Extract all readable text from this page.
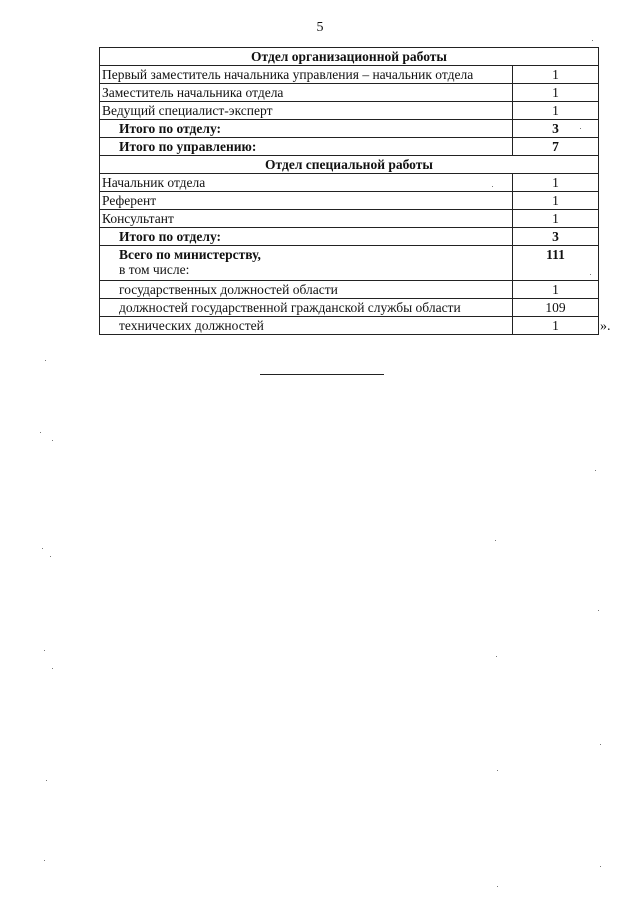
5
Отдел организационной работы	
Первый заместитель начальника управления – начальник отдела	1
Заместитель начальника отдела	1
Ведущий специалист-эксперт	1
Итого по отделу:	3
Итого по управлению:	7
Отдел специальной работы	
Начальник отдела	1
Референт	1
Консультант	1
Итого по отделу:	3

Всего по министерству,
в том числе:	111
государственных должностей области	1
должностей государственной гражданской службы области	109
технических должностей	1	».
